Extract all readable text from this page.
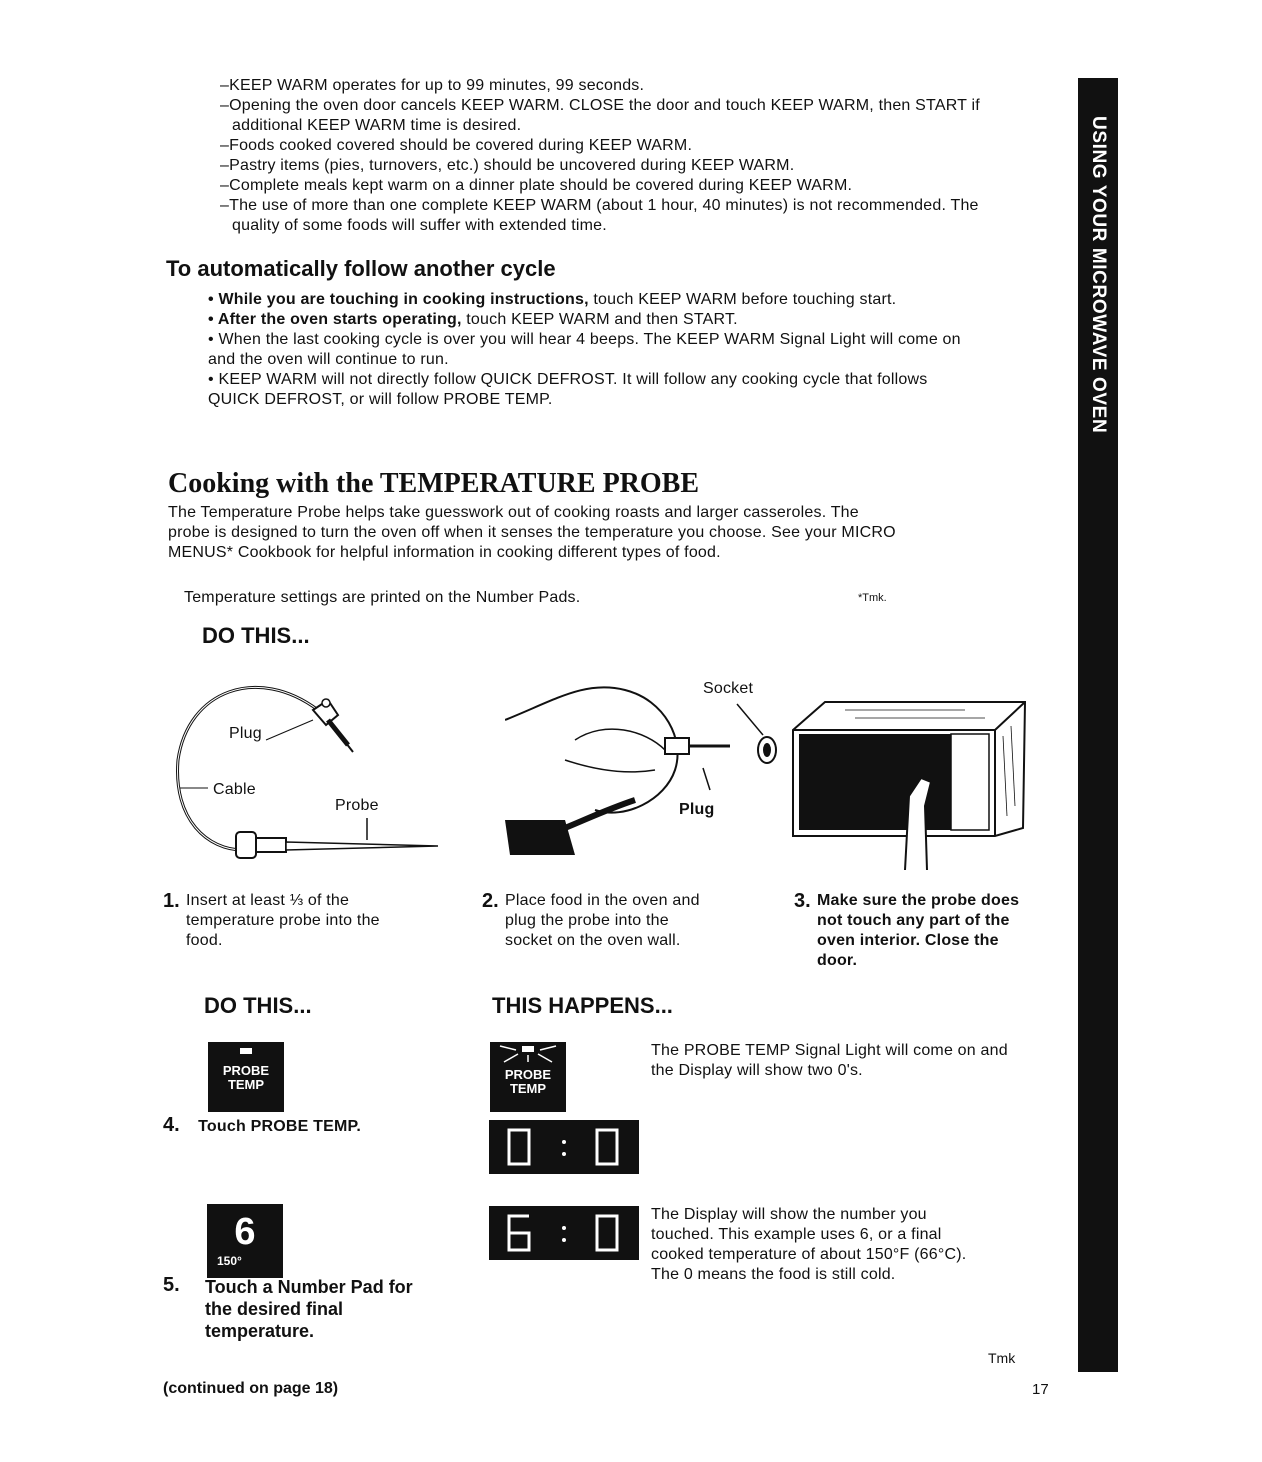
USING YOUR MICROWAVE OVEN
–KEEP WARM operates for up to 99 minutes, 99 seconds.
–Opening the oven door cancels KEEP WARM. CLOSE the door and touch KEEP WARM, then START if additional KEEP WARM time is desired.
–Foods cooked covered should be covered during KEEP WARM.
–Pastry items (pies, turnovers, etc.) should be uncovered during KEEP WARM.
–Complete meals kept warm on a dinner plate should be covered during KEEP WARM.
–The use of more than one complete KEEP WARM (about 1 hour, 40 minutes) is not recommended. The quality of some foods will suffer with extended time.
To automatically follow another cycle
• While you are touching in cooking instructions, touch KEEP WARM before touching start.
• After the oven starts operating, touch KEEP WARM and then START.
• When the last cooking cycle is over you will hear 4 beeps. The KEEP WARM Signal Light will come on and the oven will continue to run.
• KEEP WARM will not directly follow QUICK DEFROST. It will follow any cooking cycle that follows QUICK DEFROST, or will follow PROBE TEMP.
Cooking with the TEMPERATURE PROBE
The Temperature Probe helps take guesswork out of cooking roasts and larger casseroles. The probe is designed to turn the oven off when it senses the temperature you choose. See your MICRO MENUS* Cookbook for helpful information in cooking different types of food.
Temperature settings are printed on the Number Pads.	*Tmk.
DO THIS...
Plug
Cable
Probe
Socket
Plug
1. Insert at least ⅓ of the temperature probe into the food.
2. Place food in the oven and plug the probe into the socket on the oven wall.
3. Make sure the probe does not touch any part of the oven interior. Close the door.
DO THIS...	THIS HAPPENS...
PROBE
TEMP
4. Touch PROBE TEMP.
PROBE
TEMP
The PROBE TEMP Signal Light will come on and the Display will show two 0's.
6
150°
5. Touch a Number Pad for the desired final temperature.
The Display will show the number you touched. This example uses 6, or a final cooked temperature of about 150°F (66°C). The 0 means the food is still cold.
(continued on page 18)
Tmk
17
